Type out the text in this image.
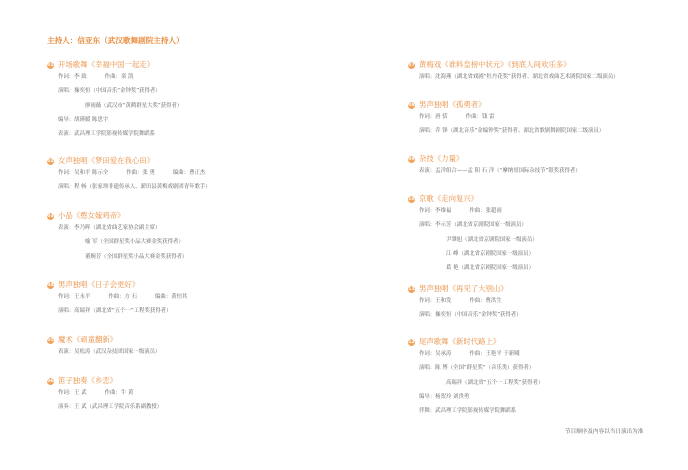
主持人：信亚东（武汉歌舞剧院主持人）
01 开场歌舞《幸福中国一起走》
作词：李 致	作曲：栾 凯
演唱：操奕恒（中国音乐“金钟奖”获得者）
廖雨薇（武汉市“黄鹤群星大奖”获得者）
编导：胡瑛媛 陈思宇
表演：武昌理工学院影视传媒学院舞蹈系
02 女声独唱《梦田爱在我心田》
作词：吴和平 陈示全	作曲：张 勇	编曲：曹正杰
演唱：程 畅（张家坝非遗传承人、薪田县黄梅戏剧团青年歌手）
03 小品《憨女嫁鸡帝》
表演：李乃晖（湖北省曲艺家协会副主席）
喻 军（全国群星奖小品大赛金奖获得者）
董婉芳（全国群星奖小品大赛金奖获得者）
04 男声独唱《日子会更好》
作词：王永平	作曲：方 石	编曲：黄恒其
演唱：高瑞祥（湖北省“五个一”工程奖获得者）
05 魔术《顽童翻新》
表演：吴松涛（武汉杂技团国家一级演员）
06 笛子独奏《乡恋》
作词：王 武	作曲：牛 黄
演奏：王 武（武昌理工学院音乐系副教授）
07 黄梅戏《谁料皇榜中状元》《到底人间欢乐多》
演唱：沈海燕（湖北省戏剧“牡丹花奖”获得者、湖北省戏曲艺术剧院国家二级演员）
08 男声独唱《孤勇者》
作词：唐 恬	作曲：钱 雷
演唱：乔 锋（湖北音乐“金编钟奖”获得者、湖北省歌剧舞剧院国家二级演员）
09 杂技《力量》
表演：孟洋组合——孟 阳 石 洋（“摩纳哥国际杂技节”银奖获得者）
10 京歌《走向复兴》
作词：李维福	作曲：张超雨
演唱：李示芳（湖北省京剧院国家一级演员）
尹肇旭（湖北省京剧院国家一级演员）
江 峰（湖北省京剧院国家一级演员）
葛 艳（湖北省京剧院国家一级演员）
11 男声独唱《再见了大别山》
作词：王和发	作曲：曹洪生
演唱：操奕恒（中国音乐“金钟奖”获得者）
12 尾声歌舞《新时代路上》
作词：吴承涛	作曲：王艳平 于新曦
演唱：陈 博（全国“群星奖”（音乐类）获得者）
高瑞祥（湖北省“五个一工程奖”获得者）
编导：杨贺玲 刘贵勇
伴舞：武昌理工学院影视传媒学院舞蹈系
节目顺序及内容以当日演出为准
